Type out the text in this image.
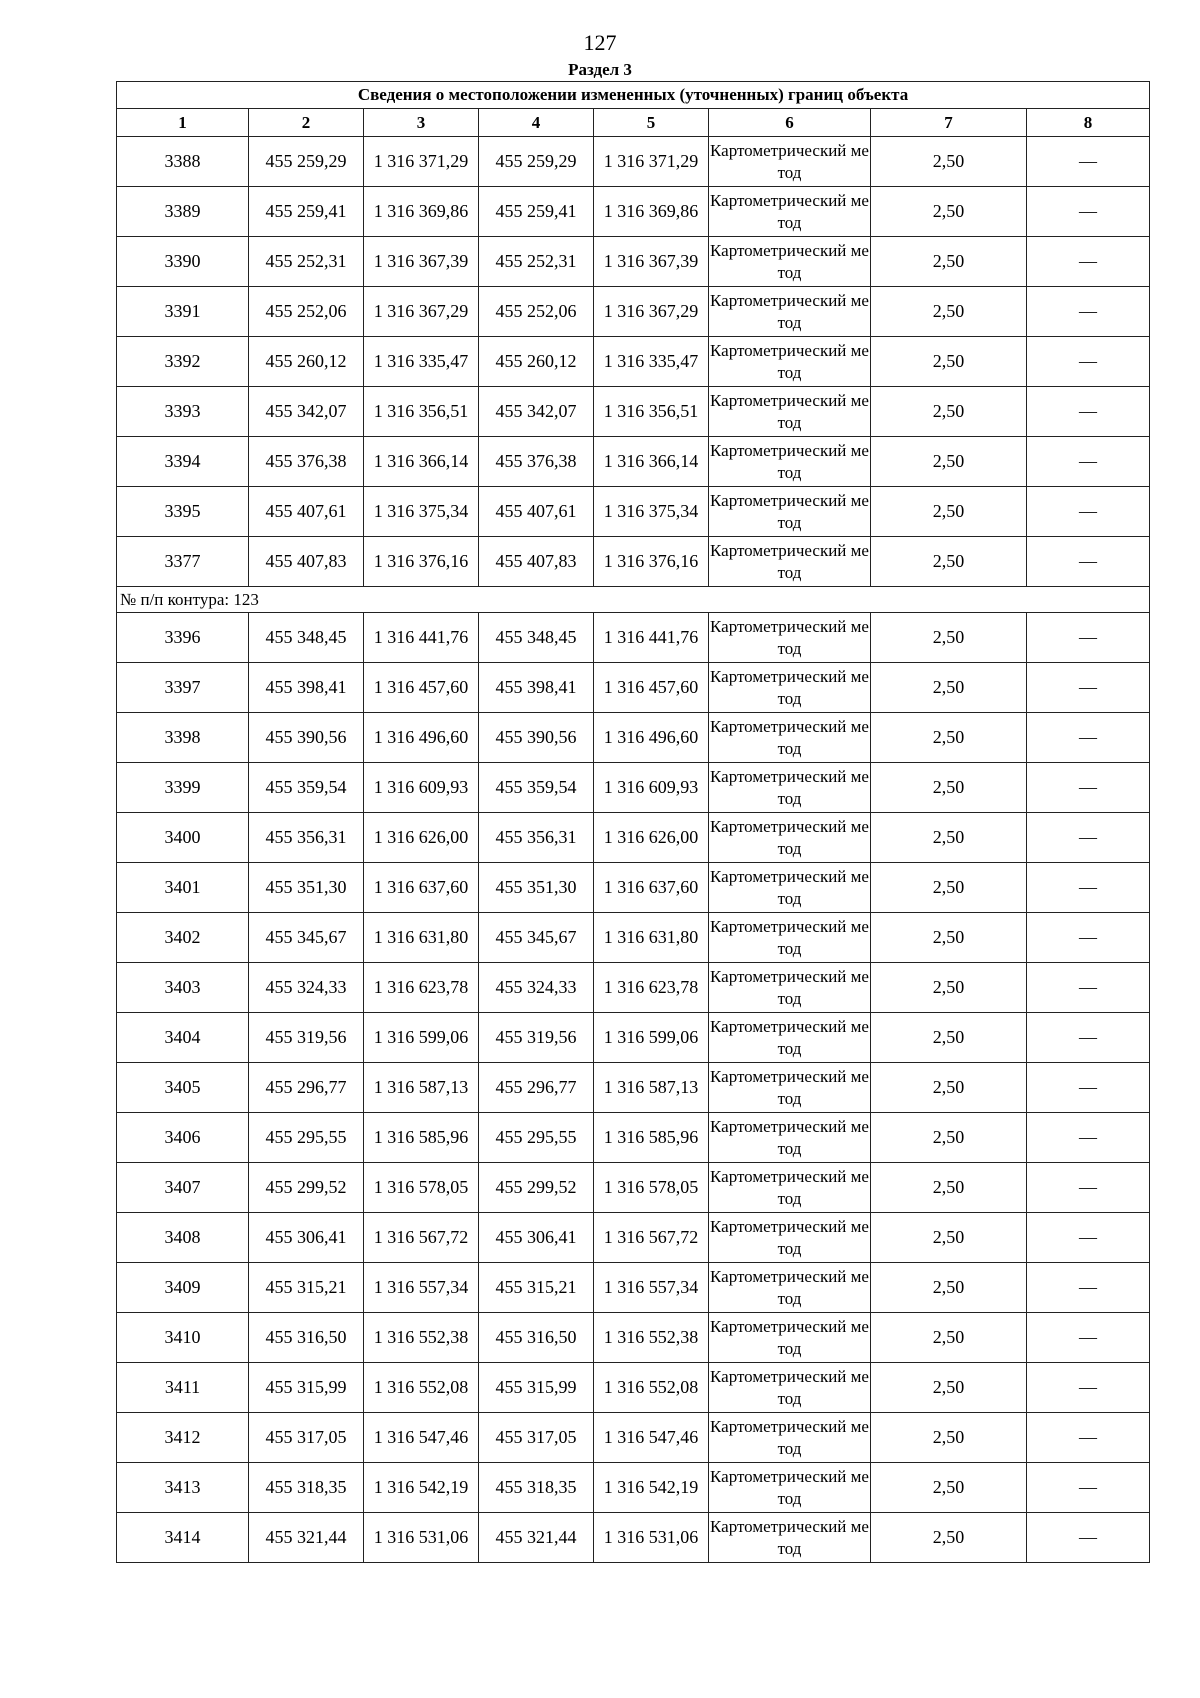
127
Раздел 3
Сведения о местоположении измененных (уточненных) границ объекта							
1	2	3	4	5	6	7	8
3388	455 259,29	1 316 371,29	455 259,29	1 316 371,29	Картометрический метод	2,50	—
3389	455 259,41	1 316 369,86	455 259,41	1 316 369,86	Картометрический метод	2,50	—
3390	455 252,31	1 316 367,39	455 252,31	1 316 367,39	Картометрический метод	2,50	—
3391	455 252,06	1 316 367,29	455 252,06	1 316 367,29	Картометрический метод	2,50	—
3392	455 260,12	1 316 335,47	455 260,12	1 316 335,47	Картометрический метод	2,50	—
3393	455 342,07	1 316 356,51	455 342,07	1 316 356,51	Картометрический метод	2,50	—
3394	455 376,38	1 316 366,14	455 376,38	1 316 366,14	Картометрический метод	2,50	—
3395	455 407,61	1 316 375,34	455 407,61	1 316 375,34	Картометрический метод	2,50	—
3377	455 407,83	1 316 376,16	455 407,83	1 316 376,16	Картометрический метод	2,50	—
№ п/п контура: 123							
3396	455 348,45	1 316 441,76	455 348,45	1 316 441,76	Картометрический метод	2,50	—
3397	455 398,41	1 316 457,60	455 398,41	1 316 457,60	Картометрический метод	2,50	—
3398	455 390,56	1 316 496,60	455 390,56	1 316 496,60	Картометрический метод	2,50	—
3399	455 359,54	1 316 609,93	455 359,54	1 316 609,93	Картометрический метод	2,50	—
3400	455 356,31	1 316 626,00	455 356,31	1 316 626,00	Картометрический метод	2,50	—
3401	455 351,30	1 316 637,60	455 351,30	1 316 637,60	Картометрический метод	2,50	—
3402	455 345,67	1 316 631,80	455 345,67	1 316 631,80	Картометрический метод	2,50	—
3403	455 324,33	1 316 623,78	455 324,33	1 316 623,78	Картометрический метод	2,50	—
3404	455 319,56	1 316 599,06	455 319,56	1 316 599,06	Картометрический метод	2,50	—
3405	455 296,77	1 316 587,13	455 296,77	1 316 587,13	Картометрический метод	2,50	—
3406	455 295,55	1 316 585,96	455 295,55	1 316 585,96	Картометрический метод	2,50	—
3407	455 299,52	1 316 578,05	455 299,52	1 316 578,05	Картометрический метод	2,50	—
3408	455 306,41	1 316 567,72	455 306,41	1 316 567,72	Картометрический метод	2,50	—
3409	455 315,21	1 316 557,34	455 315,21	1 316 557,34	Картометрический метод	2,50	—
3410	455 316,50	1 316 552,38	455 316,50	1 316 552,38	Картометрический метод	2,50	—
3411	455 315,99	1 316 552,08	455 315,99	1 316 552,08	Картометрический метод	2,50	—
3412	455 317,05	1 316 547,46	455 317,05	1 316 547,46	Картометрический метод	2,50	—
3413	455 318,35	1 316 542,19	455 318,35	1 316 542,19	Картометрический метод	2,50	—
3414	455 321,44	1 316 531,06	455 321,44	1 316 531,06	Картометрический метод	2,50	—
